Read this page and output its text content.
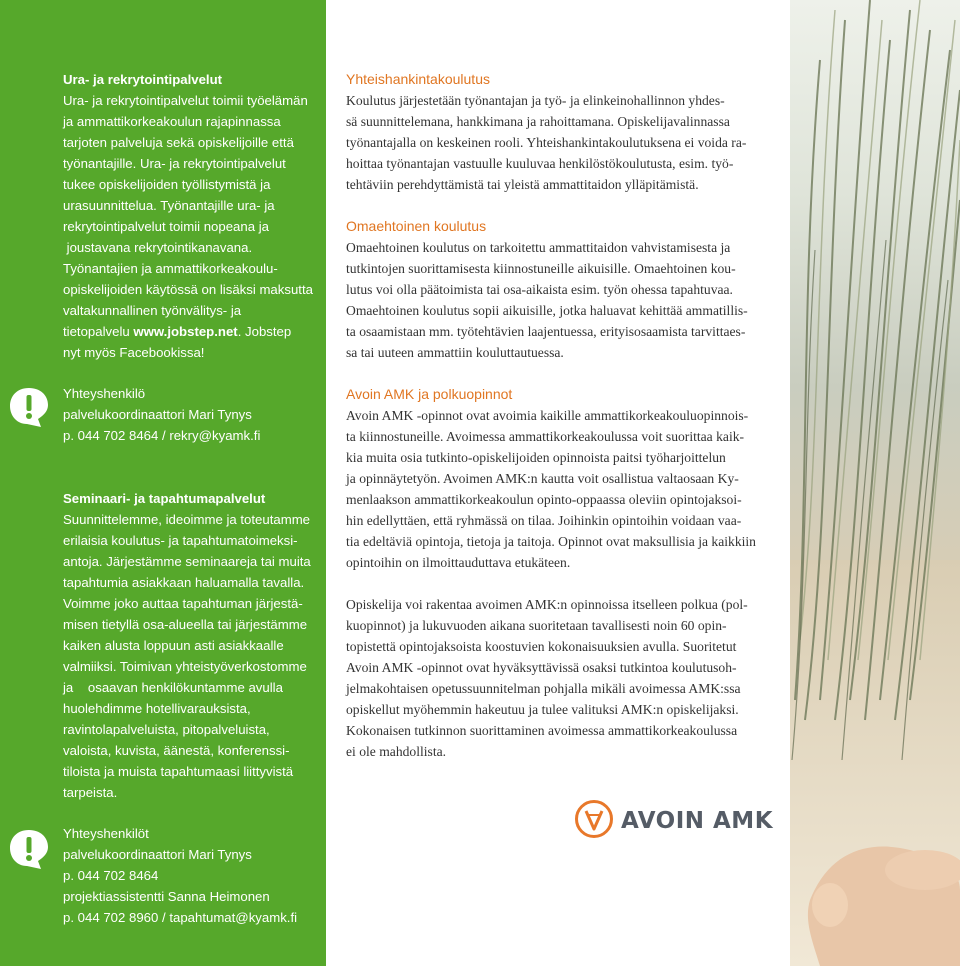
Ura- ja rekrytointipalvelut
Ura- ja rekrytointipalvelut toimii työelämän
ja ammattikorkeakoulun rajapinnassa
tarjoten palveluja sekä opiskelijoille että
työnantajille. Ura- ja rekrytointipalvelut
tukee opiskelijoiden työllistymistä ja
urasuunnittelua. Työnantajille ura- ja
rekrytointipalvelut toimii nopeana ja
joustavana rekrytointikanavana.
Työnantajien ja ammattikorkeakoulu-
opiskelijoiden käytössä on lisäksi maksutta
valtakunnallinen työnvälitys- ja
tietopalvelu www.jobstep.net. Jobstep
nyt myös Facebookissa!
Yhteyshenkilö
palvelukoordinaattori Mari Tynys
p. 044 702 8464 / rekry@kyamk.fi
Seminaari- ja tapahtumapalvelut
Suunnittelemme, ideoimme ja toteutamme
erilaisia koulutus- ja tapahtumatoimeksi-
antoja. Järjestämme seminaareja tai muita
tapahtumia asiakkaan haluamalla tavalla.
Voimme joko auttaa tapahtuman järjestä-
misen tietyllä osa-alueella tai järjestämme
kaiken alusta loppuun asti asiakkaalle
valmiiksi. Toimivan yhteistyöverkostomme
ja    osaavan henkilökuntamme avulla
huolehdimme hotellivarauksista,
ravintolapalveluista, pitopalveluista,
valoista, kuvista, äänestä, konferenssi-
tiloista ja muista tapahtumaasi liittyvistä
tarpeista.
Yhteyshenkilöt
palvelukoordinaattori Mari Tynys
p. 044 702 8464
projektiassistentti Sanna Heimonen
p. 044 702 8960 / tapahtumat@kyamk.fi
Yhteishankintakoulutus
Koulutus järjestetään työnantajan ja työ- ja elinkeinohallinnon yhdes-
sä suunnittelemana, hankkimana ja rahoittamana. Opiskelijavalinnassa
työnantajalla on keskeinen rooli. Yhteishankintakoulutuksena ei voida ra-
hoittaa työnantajan vastuulle kuuluvaa henkilöstökoulutusta, esim. työ-
tehtäviin perehdyttämistä tai yleistä ammattitaidon ylläpitämistä.
Omaehtoinen koulutus
Omaehtoinen koulutus on tarkoitettu ammattitaidon vahvistamisesta ja
tutkintojen suorittamisesta kiinnostuneille aikuisille. Omaehtoinen kou-
lutus voi olla päätoimista tai osa-aikaista esim. työn ohessa tapahtuvaa.
Omaehtoinen koulutus sopii aikuisille, jotka haluavat kehittää ammatillis-
ta osaamistaan mm. työtehtävien laajentuessa, erityisosaamista tarvittaes-
sa tai uuteen ammattiin kouluttautuessa.
Avoin AMK ja polkuopinnot
Avoin AMK -opinnot ovat avoimia kaikille ammattikorkeakouluopinnois-
ta kiinnostuneille. Avoimessa ammattikorkeakoulussa voit suorittaa kaik-
kia muita osia tutkinto-opiskelijoiden opinnoista paitsi työharjoittelun
ja opinnäytetyön. Avoimen AMK:n kautta voit osallistua valtaosaan Ky-
menlaakson ammattikorkeakoulun opinto-oppaassa oleviin opintojaksoi-
hin edellyttäen, että ryhmässä on tilaa. Joihinkin opintoihin voidaan vaa-
tia edeltäviä opintoja, tietoja ja taitoja. Opinnot ovat maksullisia ja kaikkiin
opintoihin on ilmoittauduttava etukäteen.
Opiskelija voi rakentaa avoimen AMK:n opinnoissa itselleen polkua (pol-
kuopinnot) ja lukuvuoden aikana suoritetaan tavallisesti noin 60 opin-
topistettä opintojaksoista koostuvien kokonaisuuksien avulla. Suoritetut
Avoin AMK -opinnot ovat hyväksyttävissä osaksi tutkintoa koulutusoh-
jelmakohtaisen opetussuunnitelman pohjalla mikäli avoimessa AMK:ssa
opiskellut myöhemmin hakeutuu ja tulee valituksi AMK:n opiskelijaksi.
Kokonaisen tutkinnon suorittaminen avoimessa ammattikorkeakoulussa
ei ole mahdollista.
AVOIN AMK
